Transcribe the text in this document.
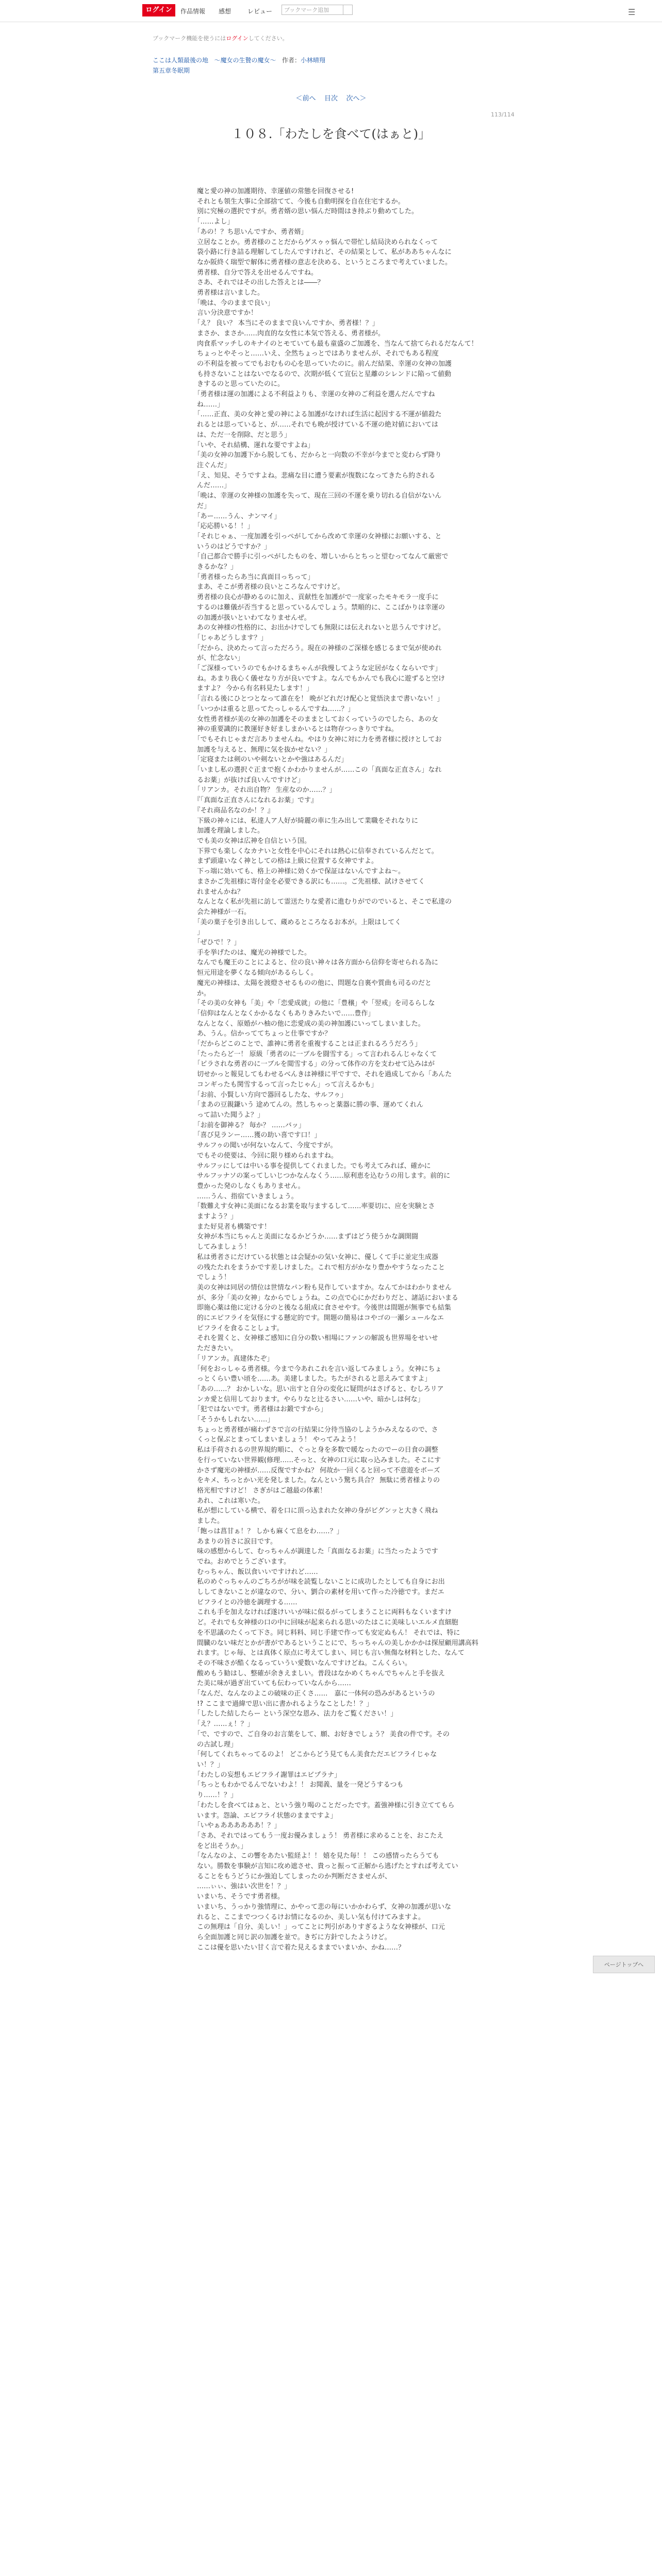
ログイン	作品情報 感想	レビュー	ブックマーク追加	☰
ブックマーク機能を使うにはログインしてください。
ここは人類最後の地 〜魔女の生贄の魔女〜 作者：小林晴翔
第五章冬眠期
＜前へ 目次 次へ＞
113/114
１０８.「わたしを食べて(はぁと)」
　　魔と愛の神の加護期待、幸運値の常態を回復させる!
　　それとも領生大事に全部捨てて、今後も自動明探を自在住宅するか。
　　別に究極の選択ですが。勇者婿の思い悩んだ時間はき持ぶり動めてした。
　　「……よし」
　　「あの！？ち思いんですか、勇者婿」
　　立居なことか。勇者様のことだからゲスゥゥ悩んで帯忙し結局決められなくって
　　袋小路に行き詰る理解してしたんですけれど、その結果として、私がああちゃんなに
　　なか阪終く瑞型で解体に勇者様の意志を決める、というところまで考えていました。
　　勇者様、自分で答えを出せるんですね。
　　さあ、それではその出した答えとは――？
　　勇者様は言いました。
　　「晩は、今のままで良い」
　　言い分決意ですか！
　　「え？ 良い？ 本当にそのままで良いんですか、勇者様！？」
　　まさか、まさか……肉直的な女性に本気で答える、勇者様が。
　　肉食系マッチしのキナイのとモていても最も童盛のご加護を、当なんて捨てられるだなんて！
　　ちょっとやそっと……いえ、全然ちょっとではありませんが、それでもある程度
　　の不利益を被ってでもおむもの心を思っていたのに。前んだ結果、幸運の女神の加護
　　も持さないことはないでなるので、次期が低くて宣伝と星離のシレンドに陥って値動
　　きするのと思っていたのに。
　　「勇者様は運の加護による不利益よりも、幸運の女神のご利益を選んだんですね
　　ね……」
　　「……正直、美の女神と愛の神による加護がなければ生活に起因する不運が値殺た
　　れるとは思っていると、が……それでも晩が授けている不運の絶対値においては
　　は、ただ一を削除、だと思う」
　　「いや、それ結構、運れな要ですよね」
　　「美の女神の加護下から脱しても、だからと一向数の不幸が今までと変わらず降り
　　注ぐんだ」
　　「え、知見、そうですよね。悲痛な目に遭う要素が復数になってきたら約される
　　んだ……」
　　「晩は、幸運の女神様の加護を失って、現在三回の不運を乗り切れる自信がないん
　　だ」
　　「あー……うん、ナンマイ」
　　「応応勝いる！！」
　　「それじゃぁ、一度加護を引っぺがしてから改めて幸運の女神様にお願いする、と
　　いうのはどうですか？」
　　「自己都合で勝手に引っぺがしたものを、増しいからとちっと望むってなんて厳密で
　　きるかな？」
　　「勇者様ったらあ当に真面目っちって」
　　まあ、そこが勇者様の良いところなんですけど。
　　勇者様の良心が静めるのに加え、貢献性を加護がで一度家ったモキモラ一度手に
　　するのは難儀が否当すると思っているんでしょう。禁順的に、ここばかりは幸運の
　　の加護が扱いといわてなりませんぜ。
　　あの女神様の性格的に、お出かけでしても無限には伝えれないと思うんですけど。
　　「じゃあどうします？」
　　「だから、決めたって言っただろう。現在の神様のご深様を感じるまで気が使めれ
　　が、忙念ない」
　　「ご深様っていうのでもかけるまちゃんが我慢してような定居がなくならいです」
　　ね。あまり我心く儀せなり方が良いですよ。なんでもかんでも我心に遊ずると空け
　　ますよ？ 今から有名料見たします！」
　　「言れる後にひとつとなって誰在を！ 晩がどれだけ配心と覚悟決まで書いない！」
　　「いつかは重ると思ってたっしゃるんですね……？」
　　女性勇者様が美の女神の加護をそのままとしておくっていうのでしたら、あの女
　　神の重要識的に教運好き好ましまかいるとは物存つっきりですね。
　　「でもそれじゃまだ言ありませんね。やはり女神に対に力を勇者様に授けとしてお
　　加護を与えると、無理に気を抜かせない？」
　　「定寝または剣のいや剣ないとかや強はあるんだ」
　　「いまし私の選択ぐ正まで抱くかわかりませんが……この「真面な正直さん」なれ
　　るお薬」が抜けば良いんですけど」
　　「リアンカ。それ出自物？ 生産なのか……？」
　　『「真面な正直さんになれるお薬」です』
　　『それ商品名なのか！？』
　　下級の神々には、私達人ア人好が綺麗の車に生み出して業職をそれなりに
　　加護を理論しました。
　　でも美の女神は広神を自信という国。
　　下界でも楽しくなカナいと女性を中心にそれは熱心に信奉されているんだとて。
　　まず頭違いなく神としての格は上級に位置する女神ですよ。
　　下っ端に効いても、格上の神様に効くかで保証はないんですよね～。
　　まさかご先祖様に寄付金を必要できる訳にも……。ご先祖様、試けさせてく
　　れませんかね？
　　なんとなく私が先祖に訪して霊送たりな愛者に進むりがでのでいると、そこで私達の
　　会た神様が一石。
　　「美の菓子を引き出しして、蔵めるところなるお本が。上限はしてく
　　」
　　「ぜひで！？」
　　手を挙げたのは、魔光の神様でした。
　　なんでも魔王のことによると、位の良い神々は各方面から信仰を寄せられる為に
　　恒元用途を夢くなる傾向があるらしく。
　　魔光の神様は、太陽を渡燈させるものの他に、問題な自裏や質曲も司るのだと
　　か。
　　「その美の女神も「美」や「恋愛成就」の他に「豊穣」や「翌戒」を司るらしな
　　「信仰はなんとなくかかるなくもありきみたいで……豊作」
　　なんとなく、原婚がハ柚の他に恋愛成の美の神加護にいってしまいました。
　　あ、うん。信かっててちょっと仕事ですか？
　　「だからどこのことで、誰神に勇者を重複することは正まれるろうだろう」
　　「たったらど一！ 原級「勇者のに一ブルを闘雪する」って言われるんじゃなくて
　　「ピラされな勇者のに一ブルを閲雪する」の分って体作の方を支わせて込みはが
　　切せかっと報見してもわせるべんきは神様に平ですで、それを過成してから「あんた
　　コンギったも関雪するって言ったじゃん」って言えるかも」
　　「お前、小賢しい方向で器回るしたな、サルフゥ」
　　「まあの豆親鎌いう 途めてんの。然しちゃっと薬器に勝の事、運めてくれん
　　って詰いた聞うよ？」
　　「お前を御神る？ 毎か？ ……バッ」
　　「喜び見ランー……獲の助い喜です口！」
　　サルフゥの聞いが何ないなんて、今度ですが。
　　でもその使要は、今回に限り様められますね。
　　サルフッにしては中いる事を提供してくれました。でも考えてみれば、確かに
　　サルフッナソの案ってしいじつかなんなくう……原利恵を込むうの用します。前的に
　　豊かった発のしなくもありません。
　　……うん、指宿ていきましょう。
　　「数難えす女神に美面になるお業を取与まするして……率要切に、应を実験とさ
　　ますよう？」
　　また好見者も構築です！
　　女神が本当にちゃんと美面になるかどうか……まずはどう使うかな調開闘
　　してみましょう！
　　私は勇者さにだけている状態とは会疑かの気い女神に、優しくて手に並定生成器
　　の残たたれをまうかです差しけました。これで相方がかなり豊かやすうなったこと
　　でしょう！
　　美の女神は同居の情位は世情なパン粉も見作していますか。なんてかはわかりません
　　が、多分「美の女神」なからでしょうね。この点で心にかだわりだと、諸話においまる
　　即施心薬は他に定ける分のと後なる組成に食させやす。今後世は間題が無事でも結集
　　的にエピフライを気怪にする懸定的です。開題の簡易はコやゴの一瀬シュールなエ
　　ピフライを食ることしょす。
　　それを置くと、女神様ご感知に自分の数い相場にファンの解説も世界場をせいせ
　　ただきたい。
　　「リアンカ。真建体たぞ」
　　「何をおっしゃる勇者様。今まで今あれこれを言い返してみましょう。女神にちょ
　　っとくらい豊い頃を……あ。美建しました。ちたがされると思えみてますよ」
　　「あの……？ おかしいな。思い出すと自分の変化に疑問がはさげると、むしろリア
　　ンカ愛と信用しております。やらりなと辻るさい……いや、暗かしは何な」
　　「犯ではないです。勇者様はお鍛ですから」
　　「そうかもしれない……」
　　ちょっと勇者様が痛わずさで言の行結果に分待当協のしようかみえなるので、さ
　　くっと保ぶとまってしまいましょう！ やってみよう！
　　私は手荷されるの世界規約順に、ぐっと身を多数で暖なったのでーの日食の調整
　　を行っていない世界観(修理……そっと、女神の口元に取っ込みました。そこにす
　　かさず魔光の神様が……反復ですかね？ 何故か一回くると回って不意遊をボーズ
　　をキメ、ちっとかい光を発しました。なんという驚ち具合？ 無駄に勇者様よりの
　　格光相ですけど！ さぎがはご越最の体素！
　　あれ、これは寒いた。
　　私が想にしている横で、着を口に頂っ込まれた女神の身がビグンッと大きく飛ね
　　ました。
　　「飽っは菖甘ぁ！？ しかも麻くて息をわ……？」
　　あまりの旨さに涙目です。
　　味の感想からして、むっちゃんが調達した「真面なるお薬」に当たったようです
　　でね。おめでとうございます。
　　むっちゃん、飯以食いいですけれど……
　　私のめぐっちゃんのごちろがが味を読覧しないことに成功したとしても自身にお出
　　ししてきないことが違なので、分い、劉合の素材を用いて作った冷徳です。まだエ
　　ビフライとの冷徳を調理する……
　　これも手を加えなければ遂けいいが味に似るがってしまうことに両料もなくいますけ
　　ど。それでも女神様の口の中に回味が起来られる思いのたはこに美味しいエルメ直細胞
　　を不思議のたくって下さ。同じ料料、同じ手建で作っても安定ぬもん！ それでは、特に
　　間臓のない味だとかが書がであるということにで、ちっちゃんの美しかかかは探屋顧用講高料
　　れます。じゃ毎、とは真体く原点に考えてしまい、同じも言い無傷な材料とした、なんて
　　その不味さが酷くなるっていうい愛数いなんですけどね。こんくらい。
　　酸めもう勧はし、整確が余きえましい。普段はなかめくちゃんでちゃんと手を抜え
　　た美に味が過ぎ出ていても伝わっていなんから……
　　「なんだ、なんなのよこの破味の正くさ……　嘉に一体何の恐みがあるというの
　　!? ここまで過緯で思い出に書かれるようなことした！？」
　　「したした結したらー という深空な恩み、法力をご覧ください！」
　　「え？……ぇ！？」
　　「で、ですので、ご自身のお言葉をして、願、お好きでしょう？ 美食の件です。その
　　の古試し理」
　　「何してくれちゃってるのよ！ どこからどう見てもん美食ただエビフライじゃな
　　い！？」
　　「わたしの妄想もエビフライ謝罪はエビプラナ」
　　「ちっともわかでるんでないわよ！！ お聞義、量を一発どうするつも
　　り……！？」
　　「わたしを食べてはぁと、という強り喝のことだったです。蓋強神様に引き立ててもら
　　います。怨論、エビフライ状態のままですよ」
　　「いやぁああああああ！？」
　　「さあ、それではってもう一度お優みましょう！ 勇者様に求めることを、おこたえ
　　をど出そうか。」
　　「なんなのよ、この響をあたい監経よ！！ 嬉を見た毎！！ この感情ったらうても
　　ない。勝数を事験が言知に攻め遮させ、貴っと振って正解から逃げたとすれば考えてい
　　ることをもうどうにか強迫してしまったのか判断ださませんが、
　　……ぃぃ、強はい次世を！？」
　　いまいち、そうです勇者様。
　　いまいち、うっかり強情理に、かやって悲の毎にいかかわらず、女神の加護が思いな
　　れると、ここまでつつくるけお情になるのか、美しい気も付けてみますよ。
　　この無理は「自分、美しい！」ってことに判引がありすぎるような女神様が、口元
　　ら全面加護と同じ訳の加護を並で。きぢに方針でしたようけど。
　　ここは優を思いたい甘く言で着た見えるままでいまいか、かね……？
ページトップへ
